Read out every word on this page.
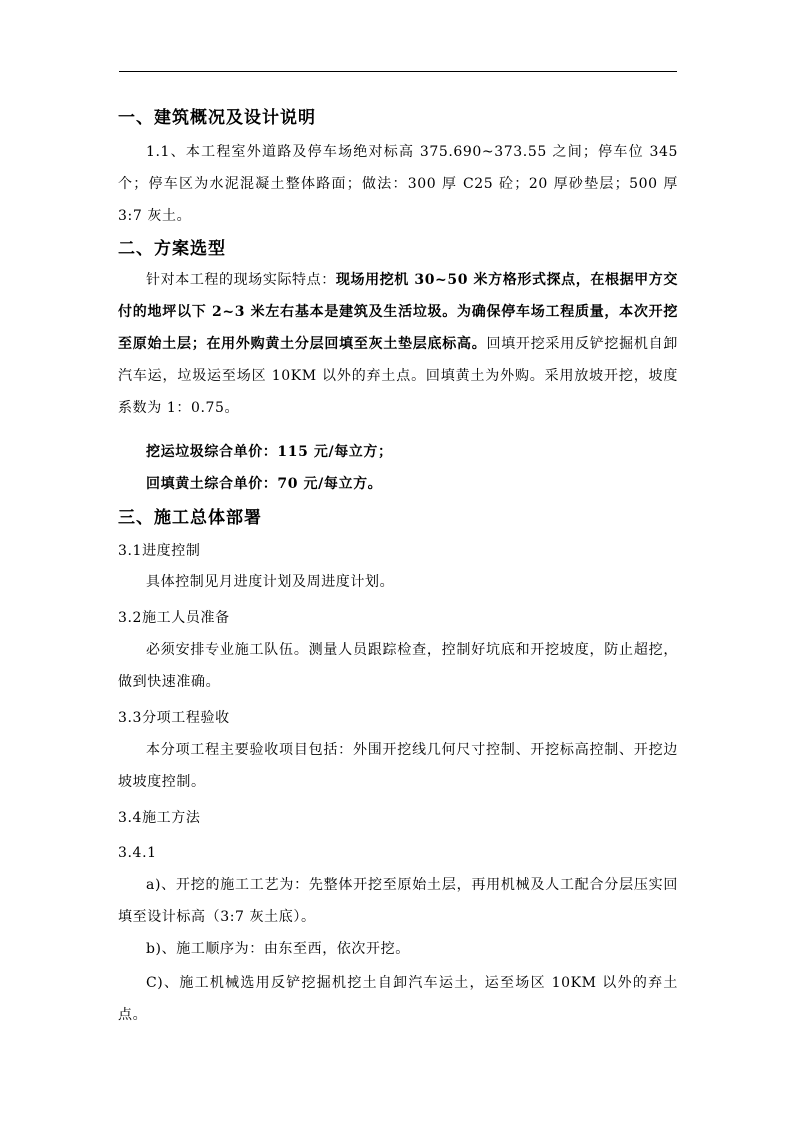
一、建筑概况及设计说明
1.1、本工程室外道路及停车场绝对标高 375.690~373.55 之间；停车位 345 个；停车区为水泥混凝土整体路面；做法：300 厚 C25 砼；20 厚砂垫层；500 厚 3:7 灰土。
二、方案选型
针对本工程的现场实际特点：现场用挖机 30~50 米方格形式探点，在根据甲方交付的地坪以下 2~3 米左右基本是建筑及生活垃圾。为确保停车场工程质量，本次开挖至原始土层；在用外购黄土分层回填至灰土垫层底标高。回填开挖采用反铲挖掘机自卸汽车运，垃圾运至场区 10KM 以外的弃土点。回填黄土为外购。采用放坡开挖，坡度系数为 1：0.75。
挖运垃圾综合单价：115 元/每立方；
回填黄土综合单价：70 元/每立方。
三、施工总体部署
3.1进度控制
具体控制见月进度计划及周进度计划。
3.2施工人员准备
必须安排专业施工队伍。测量人员跟踪检查，控制好坑底和开挖坡度，防止超挖，做到快速准确。
3.3分项工程验收
本分项工程主要验收项目包括：外围开挖线几何尺寸控制、开挖标高控制、开挖边坡坡度控制。
3.4施工方法
3.4.1
a)、开挖的施工工艺为：先整体开挖至原始土层，再用机械及人工配合分层压实回填至设计标高（3:7 灰土底）。
b)、施工顺序为：由东至西，依次开挖。
C)、施工机械选用反铲挖掘机挖土自卸汽车运土，运至场区 10KM 以外的弃土点。
